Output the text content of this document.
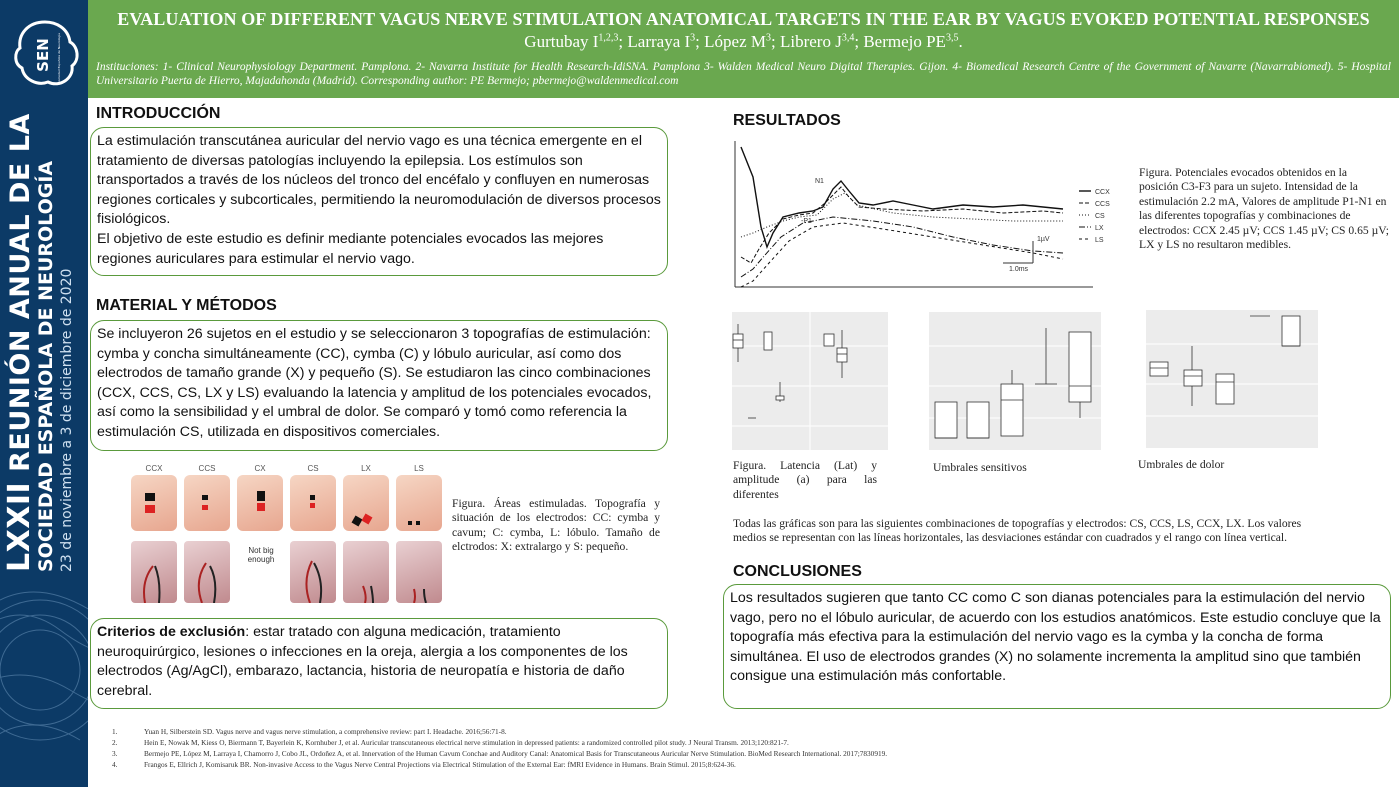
SEN Sociedad Española de Neurología
LXXII REUNIÓN ANUAL DE LA SOCIEDAD ESPAÑOLA DE NEUROLOGÍA 23 de noviembre a 3 de diciembre de 2020
EVALUATION OF DIFFERENT VAGUS NERVE STIMULATION ANATOMICAL TARGETS IN THE EAR BY VAGUS EVOKED POTENTIAL RESPONSES
Gurtubay I$^{1,2,3}$; Larraya $I^3$; López $M^3$; Librero J$^{3,4}$; Bermejo PE$^{3,5}$.
Instituciones: 1- Clinical Neurophysiology Department. Pamplona. 2- Navarra Institute for Health Research-IdiSNA. Pamplona 3- Walden Medical Neuro Digital Therapies. Gijon. 4- Biomedical Research Centre of the Government of Navarre (Navarrabiomed). 5- Hospital Universitario Puerta de Hierro, Majadahonda (Madrid). Corresponding author: PE Bermejo; pbermejo@waldenmedical.com
INTRODUCCIÓN
La estimulación transcutánea auricular del nervio vago es una técnica emergente en el tratamiento de diversas patologías incluyendo la epilepsia. Los estímulos son transportados a través de los núcleos del tronco del encéfalo y confluyen en numerosas regiones corticales y subcorticales, permitiendo la neuromodulación de diversos procesos fisiológicos.
El objetivo de este estudio es definir mediante potenciales evocados las mejores regiones auriculares para estimular el nervio vago.
MATERIAL Y MÉTODOS
Se incluyeron 26 sujetos en el estudio y se seleccionaron 3 topografías de estimulación: cymba y concha simultáneamente (CC), cymba (C) y lóbulo auricular, así como dos electrodos de tamaño grande (X) y pequeño (S). Se estudiaron las cinco combinaciones (CCX, CCS, CS, LX y LS) evaluando la latencia y amplitud de los potenciales evocados, así como la sensibilidad y el umbral de dolor. Se comparó y tomó como referencia la estimulación CS, utilizada en dispositivos comerciales.
CCX	CCS	CX	CS	LX	LS
Not big enough
Figura. Áreas estimuladas. Topografía y situación de los electrodos: CC: cymba y cavum; C: cymba, L: lóbulo. Tamaño de elctrodos: X: extralargo y S: pequeño.
Criterios de exclusión: estar tratado con alguna medicación, tratamiento neuroquirúrgico, lesiones o infecciones en la oreja, alergia a los componentes de los electrodos (Ag/AgCl), embarazo, lactancia, historia de neuropatía e historia de daño cerebral.
RESULTADOS
N1
-P1
1µV
1.0ms
CCX
CCS
CS
LX
LS
Figura. Potenciales evocados obtenidos en la posición C3-F3 para un sujeto. Intensidad de la estimulación 2.2 mA, Valores de amplitude P1-N1 en las diferentes topografías y combinaciones de electrodos: CCX 2.45 µV; CCS 1.45 µV; CS 0.65 µV; LX y LS no resultaron medibles.
Figura. Latencia (Lat) y amplitude (a) para las diferentes
Umbrales sensitivos	Umbrales de dolor
Todas las gráficas son para las siguientes combinaciones de topografías y electrodos: CS, CCS, LS, CCX, LX. Los valores medios se representan con las líneas horizontales, las desviaciones estándar con cuadrados y el rango con línea vertical.
CONCLUSIONES
Los resultados sugieren que tanto CC como C son dianas potenciales para la estimulación del nervio vago, pero no el lóbulo auricular, de acuerdo con los estudios anatómicos. Este estudio concluye que la topografía más efectiva para la estimulación del nervio vago es la cymba y la concha de forma simultánea. El uso de electrodos grandes (X) no solamente incrementa la amplitud sino que también consigue una estimulación más confortable.
1.	Yuan H, Silberstein SD. Vagus nerve and vagus nerve stimulation, a comprehensive review: part I. Headache. 2016;56:71-8.
2.	Hein E, Nowak M, Kiess O, Biermann T, Bayerlein K, Kornhuber J, et al. Auricular transcutaneous electrical nerve stimulation in depressed patients: a randomized controlled pilot study. J Neural Transm. 2013;120:821-7.
3.	Bermejo PE, López M, Larraya I, Chamorro J, Cobo JL, Ordoñez A, et al. Innervation of the Human Cavum Conchae and Auditory Canal: Anatomical Basis for Transcutaneous Auricular Nerve Stimulation. BioMed Research International. 2017;7830919.
4.	Frangos E, Ellrich J, Komisaruk BR. Non-invasive Access to the Vagus Nerve Central Projections via Electrical Stimulation of the External Ear: fMRI Evidence in Humans. Brain Stimul. 2015;8:624-36.
